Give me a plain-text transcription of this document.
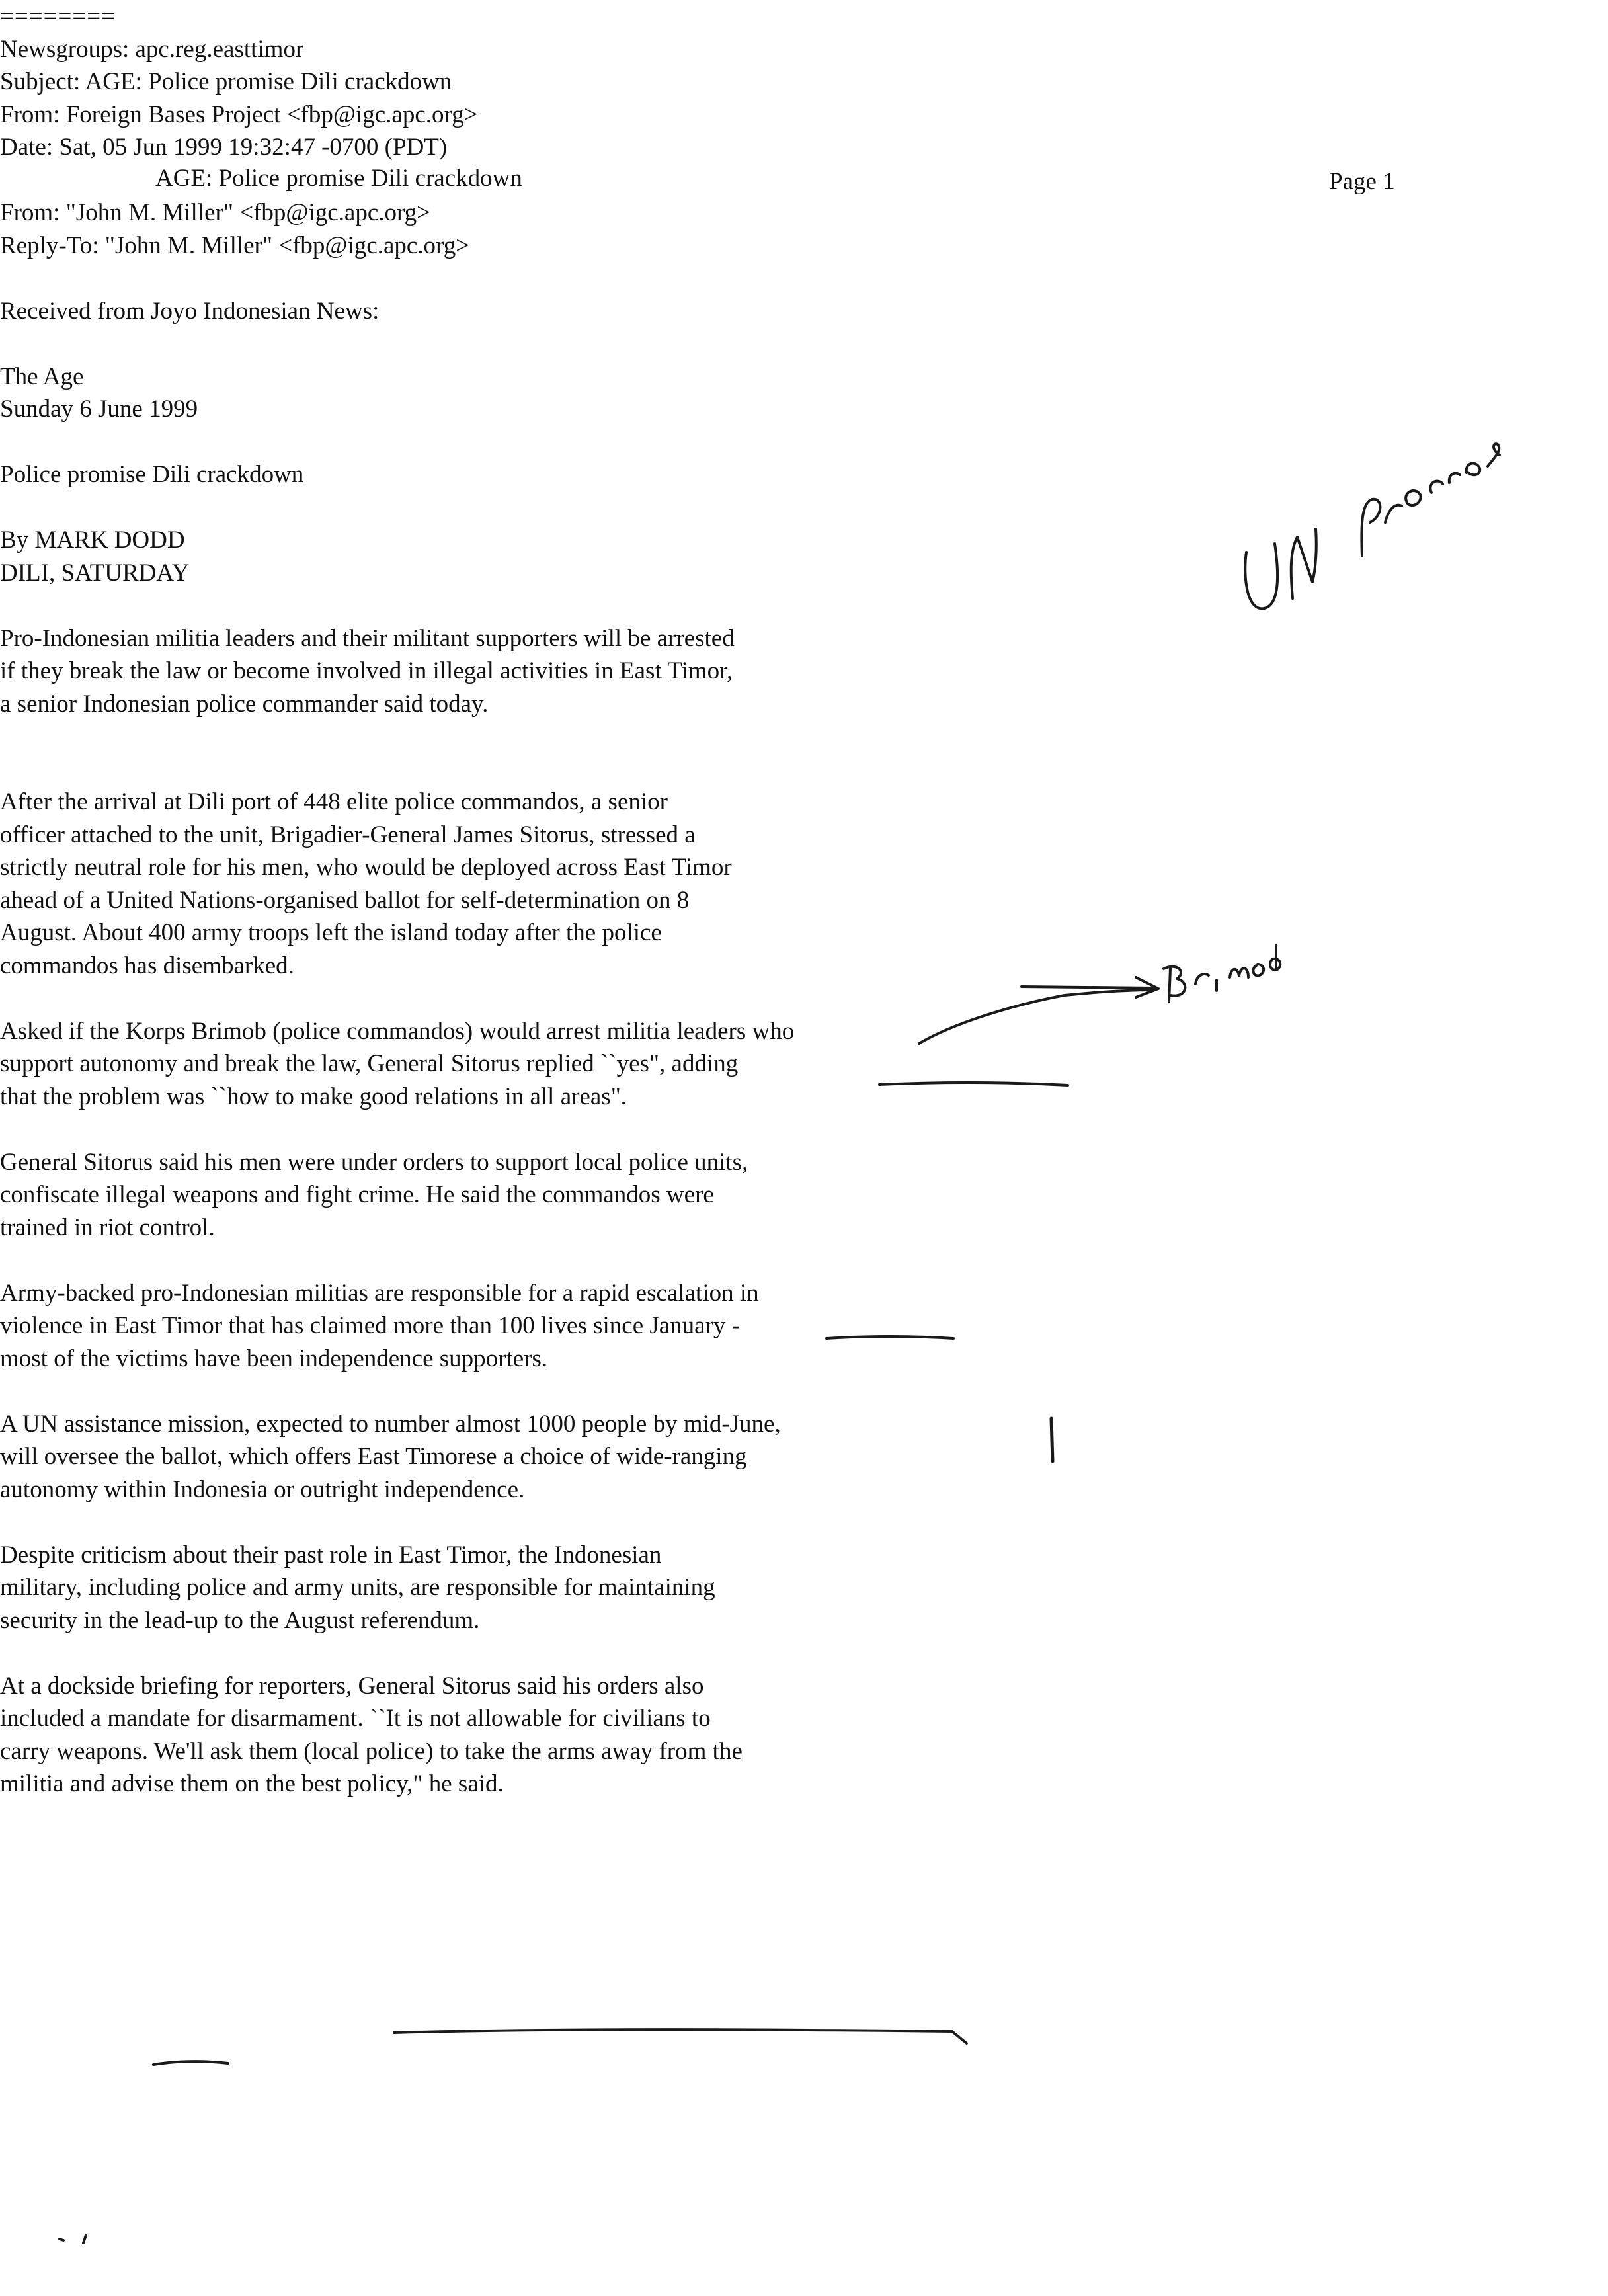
AGE: Police promise Dili crackdown	Page 1
========
Newsgroups: apc.reg.easttimor
Subject: AGE: Police promise Dili crackdown
From: Foreign Bases Project <fbp@igc.apc.org>
Date: Sat, 05 Jun 1999 19:32:47 -0700 (PDT)
From: "John M. Miller" <fbp@igc.apc.org>
Reply-To: "John M. Miller" <fbp@igc.apc.org>
Received from Joyo Indonesian News:
The Age
Sunday 6 June 1999
Police promise Dili crackdown
By MARK DODD
DILI, SATURDAY
Pro-Indonesian militia leaders and their militant supporters will be arrested
if they break the law or become involved in illegal activities in East Timor,
a senior Indonesian police commander said today.
After the arrival at Dili port of 448 elite police commandos, a senior
officer attached to the unit, Brigadier-General James Sitorus, stressed a
strictly neutral role for his men, who would be deployed across East Timor
ahead of a United Nations-organised ballot for self-determination on 8
August. About 400 army troops left the island today after the police
commandos has disembarked.
Asked if the Korps Brimob (police commandos) would arrest militia leaders who
support autonomy and break the law, General Sitorus replied ``yes", adding
that the problem was ``how to make good relations in all areas".
General Sitorus said his men were under orders to support local police units,
confiscate illegal weapons and fight crime. He said the commandos were
trained in riot control.
Army-backed pro-Indonesian militias are responsible for a rapid escalation in
violence in East Timor that has claimed more than 100 lives since January -
most of the victims have been independence supporters.
A UN assistance mission, expected to number almost 1000 people by mid-June,
will oversee the ballot, which offers East Timorese a choice of wide-ranging
autonomy within Indonesia or outright independence.
Despite criticism about their past role in East Timor, the Indonesian
military, including police and army units, are responsible for maintaining
security in the lead-up to the August referendum.
At a dockside briefing for reporters, General Sitorus said his orders also
included a mandate for disarmament. ``It is not allowable for civilians to
carry weapons. We'll ask them (local police) to take the arms away from the
militia and advise them on the best policy," he said.
